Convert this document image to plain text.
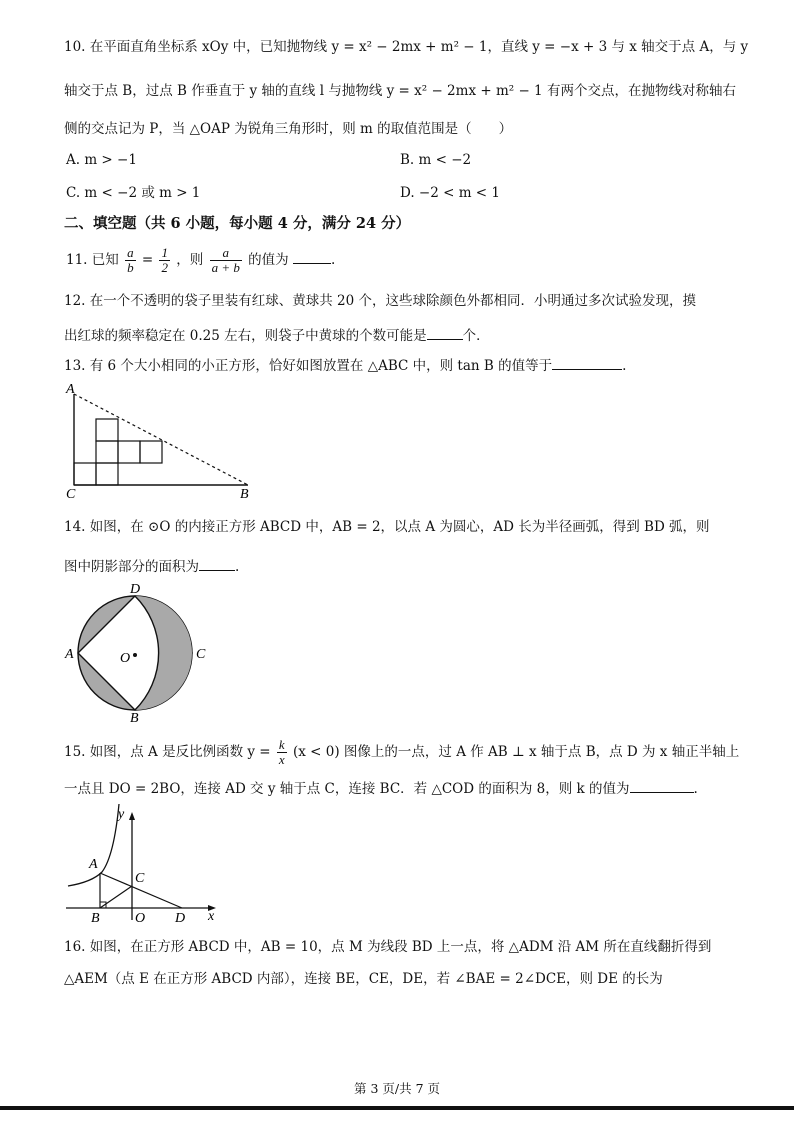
10. 在平面直角坐标系 xOy 中，已知抛物线 y = x² − 2mx + m² − 1，直线 y = −x + 3 与 x 轴交于点 A，与 y
轴交于点 B，过点 B 作垂直于 y 轴的直线 l 与抛物线 y = x² − 2mx + m² − 1 有两个交点，在抛物线对称轴右
侧的交点记为 P，当 △OAP 为锐角三角形时，则 m 的取值范围是（　　）
A. m > −1	B. m < −2
C. m < −2 或 m > 1	D. −2 < m < 1
二、填空题（共 6 小题，每小题 4 分，满分 24 分）
11. 已知 $\frac{a}{b} = \frac{1}{2}$ ，则 $\frac{a}{a + b}$ 的值为	.
12. 在一个不透明的袋子里装有红球、黄球共 20 个，这些球除颜色外都相同．小明通过多次试验发现，摸
出红球的频率稳定在 0.25 左右，则袋子中黄球的个数可能是	个．
13. 有 6 个大小相同的小正方形，恰好如图放置在 △ABC 中，则 tan B 的值等于	.
A
C	B
14. 如图，在 ⊙O 的内接正方形 ABCD 中，AB = 2，以点 A 为圆心，AD 长为半径画弧，得到 BD 弧，则
图中阴影部分的面积为	.
D
A	C
B
O
15. 如图，点 A 是反比例函数 $y = \frac{k}{x} (x < 0)$ 图像上的一点，过 A 作 AB ⊥ x 轴于点 B，点 D 为 x 轴正半轴上
一点且 DO = 2BO，连接 AD 交 y 轴于点 C，连接 BC．若 △COD 的面积为 8，则 k 的值为	.
y
x
A
B
C
O D
16. 如图，在正方形 ABCD 中，AB = 10，点 M 为线段 BD 上一点，将 △ADM 沿 AM 所在直线翻折得到
△AEM（点 E 在正方形 ABCD 内部），连接 BE，CE，DE，若 ∠BAE = 2∠DCE，则 DE 的长为
第 3 页/共 7 页
